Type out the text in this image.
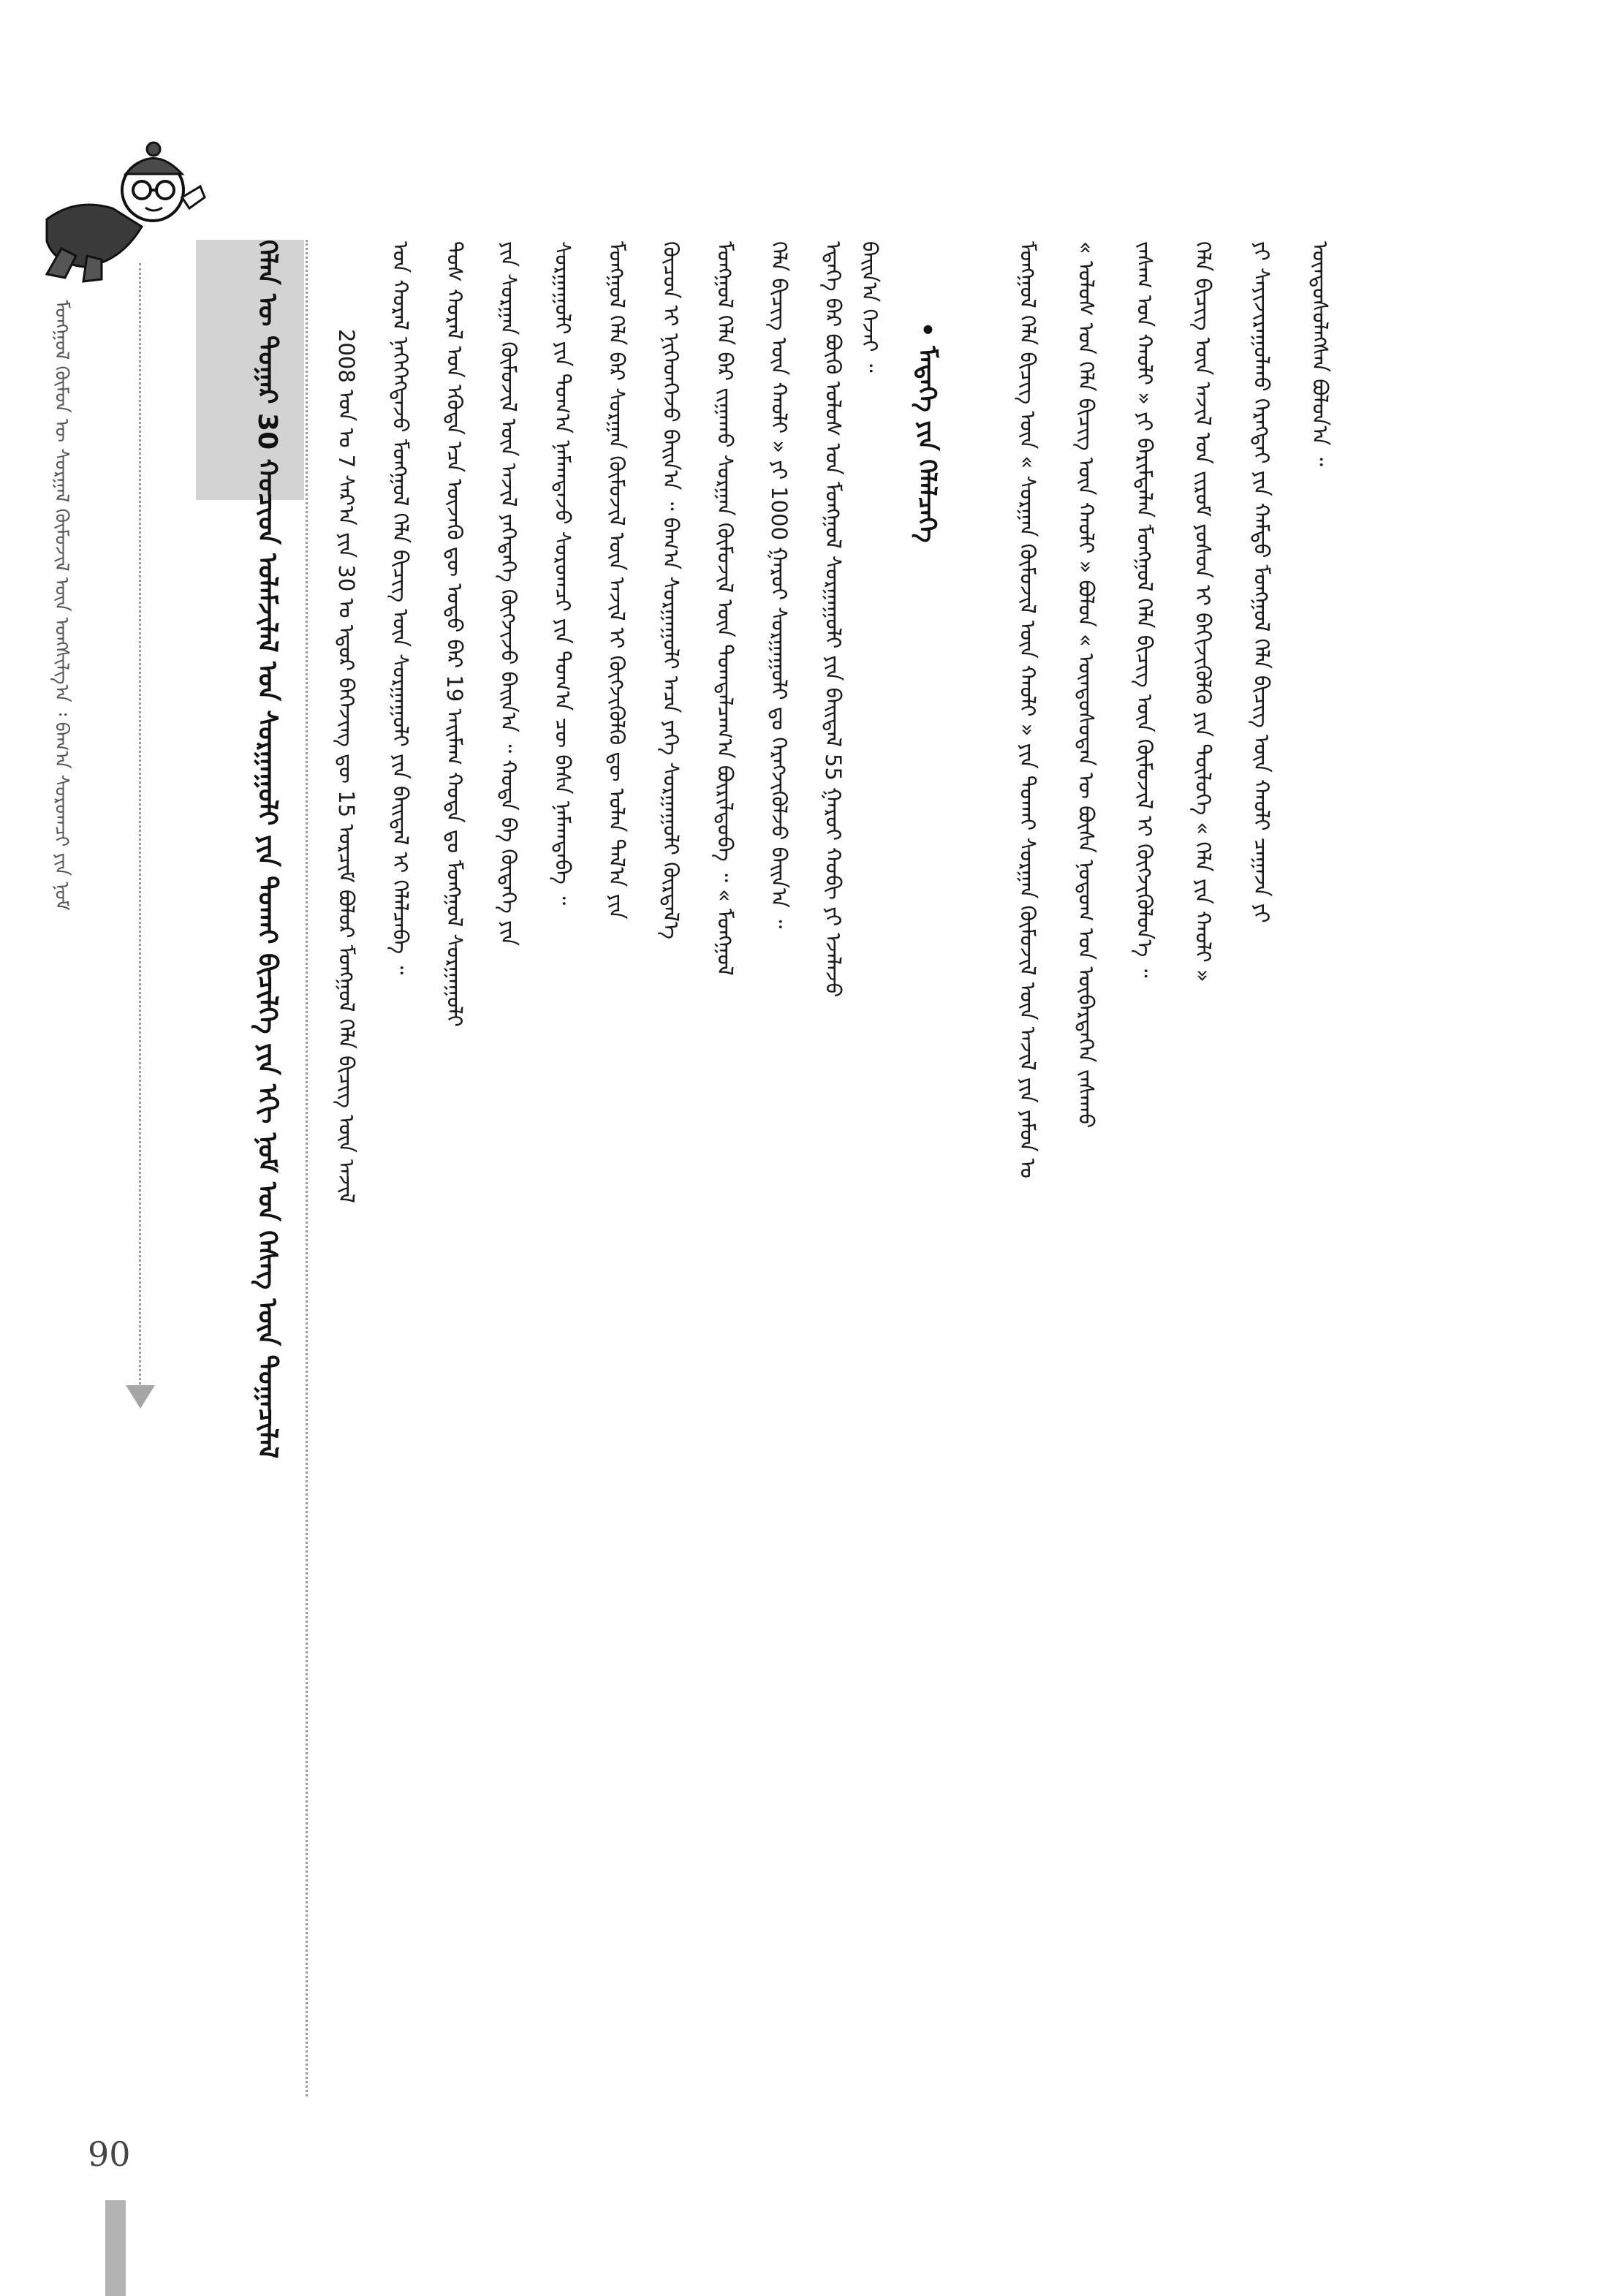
ᠮᠣᠩᠭᠣᠯ ᠬᠦᠮᠦᠨ ᠦ ᠰᠤᠷᠭᠠᠯ ᠬᠦᠮᠦᠵᠢᠯ ᠦᠨ ᠤᠩᠰᠢᠯᠭ᠎ᠠ ᠄ ᠪᠠᠭ᠎ᠠ ᠰᠤᠷᠤᠭᠴᠢ ᠶᠢᠨ ᠨᠣᠮ	ᠬᠡᠯᠡᠨ ᠦ ᠳᠤᠭᠠᠷ 30 ᠬᠣᠴᠢᠳ ᠤᠯᠠᠮᠵᠢᠯᠠᠯ ᠤᠨ ᠰᠤᠷᠭᠠᠭᠤᠯᠢ ᠶᠢᠨ ᠲᠤᠬᠠᠢ ᠪᠢᠴᠢᠯᠭᠡ ᠶᠢᠨ ᠡᠬᠢ ᠨᠣᠮ ᠤᠨ ᠬᠡᠰᠡᠭ ᠦᠨ ᠲᠣᠭᠠᠴᠢᠯᠠᠯ	2008 ᠣᠨ ᠤ 7 ᠰᠠᠷ᠎ᠠ ᠶᠢᠨ 30 ᠤ ᠡᠳᠦᠷ ᠪᠡᠭᠡᠵᠢᠩ ᠳᠦ 15 ᠣᠷᠴᠢᠮ ᠪᠣᠯᠤᠷ ᠮᠣᠩᠭᠣᠯ ᠬᠡᠯᠡ ᠪᠢᠴᠢᠭ ᠦᠨ ᠠᠵᠢᠯ	ᠤᠨ ᠬᠤᠷᠠᠯ ᠨᠡᠭᠡᠭᠡᠭᠳᠡᠵᠦ ᠮᠣᠩᠭᠣᠯ ᠬᠡᠯᠡ ᠪᠢᠴᠢᠭ ᠦᠨ ᠰᠤᠷᠭᠠᠭᠤᠯᠢ ᠶᠢᠨ ᠪᠠᠢᠳᠠᠯ ᠢ ᠬᠡᠯᠡᠯᠴᠡᠪᠡ ᠃	ᠲᠤᠰ ᠬᠤᠷᠠᠯ ᠤᠨ ᠡᠭᠦᠳᠡ ᠡᠴᠡ ᠦᠵᠡᠬᠦ ᠳᠦ ᠣᠳᠣ ᠪᠠᠷ 19 ᠠᠢᠮᠠᠭ ᠬᠣᠲᠠ ᠳᠤ ᠮᠣᠩᠭᠣᠯ ᠰᠤᠷᠭᠠᠭᠤᠯᠢ	ᠶᠢᠨ ᠰᠤᠷᠭᠠᠨ ᠬᠦᠮᠦᠵᠢᠯ ᠦᠨ ᠠᠵᠢᠯ ᠶᠡᠬᠡᠳᠡᠭᠡ ᠬᠥᠭᠵᠢᠵᠦ ᠪᠠᠢᠨ᠎ᠠ ᠃ ᠬᠣᠲᠠ ᠪᠠ ᠬᠥᠳᠡᠭᠡ ᠶᠢᠨ	ᠰᠤᠷᠭᠠᠭᠤᠯᠢ ᠶᠢᠨ ᠲᠣᠭ᠎ᠠ ᠨᠡᠮᠡᠭ᠍ᠳᠡᠵᠦ ᠰᠤᠷᠤᠭᠴᠢ ᠶᠢᠨ ᠲᠣᠭ᠎ᠠ ᠴᠦ ᠪᠠᠰᠠ ᠨᠡᠮᠡᠭ᠍ᠳᠡᠪᠡ ᠃	ᠮᠣᠩᠭᠣᠯ ᠬᠡᠯᠡ ᠪᠡᠷ ᠰᠤᠷᠭᠠᠨ ᠬᠦᠮᠦᠵᠢᠯ ᠦᠨ ᠠᠵᠢᠯ ᠢ ᠬᠥᠭᠵᠢᠭᠦᠯᠬᠦ ᠳᠦ ᠣᠯᠠᠨ ᠲᠠᠯ᠎ᠠ ᠶᠢᠨ	ᠬᠦᠴᠦᠨ ᠢ ᠨᠢᠭᠡᠳᠭᠡᠵᠦ ᠪᠠᠢᠨ᠎ᠠ ᠃ ᠪᠠᠭ᠎ᠠ ᠰᠤᠷᠭᠠᠭᠤᠯᠢ ᠠᠴᠠ ᠶᠡᠬᠡ ᠰᠤᠷᠭᠠᠭᠤᠯᠢ ᠬᠦᠷᠲᠡᠯ᠎ᠡ	ᠮᠣᠩᠭᠣᠯ ᠬᠡᠯᠡ ᠪᠡᠷ ᠵᠢᠭᠠᠬᠤ ᠰᠤᠷᠭᠠᠨ ᠬᠦᠮᠦᠵᠢᠯ ᠦᠨ ᠲᠣᠭᠲᠠᠯᠴᠠᠭ᠎ᠠ ᠪᠦᠷᠢᠯᠳᠦᠪᠡ ᠃ « ᠮᠣᠩᠭᠣᠯ	ᠬᠡᠯᠡ ᠪᠢᠴᠢᠭ ᠦᠨ ᠬᠠᠤᠯᠢ » ᠶᠢ 1000 ᠭᠠᠷᠤᠢ ᠰᠤᠷᠭᠠᠭᠤᠯᠢ ᠳᠤ ᠬᠡᠷᠡᠭᠵᠢᠭᠦᠯᠵᠦ ᠪᠠᠢᠨ᠎ᠠ ᠃	ᠡᠳᠡᠭᠡ ᠪᠡᠷ ᠪᠦᠬᠦ ᠤᠯᠤᠰ ᠤᠨ ᠮᠣᠩᠭᠣᠯ ᠰᠤᠷᠭᠠᠭᠤᠯᠢ ᠶᠢᠨ ᠪᠠᠢᠳᠠᠯ 55 ᠭᠠᠷᠤᠢ ᠬᠤᠪᠢ ᠶᠢ ᠡᠵᠡᠯᠡᠵᠦ ᠪᠠᠢᠨ᠎ᠠ ᠭᠡᠵᠡᠢ ᠃
• ᠮᠡᠳᠡᠭᠡ ᠶᠢᠨ ᠬᠡᠯᠡᠯᠴᠡᠭᠡ	ᠮᠣᠩᠭᠣᠯ ᠬᠡᠯᠡ ᠪᠢᠴᠢᠭ ᠦᠨ « ᠰᠤᠷᠭᠠᠨ ᠬᠦᠮᠦᠵᠢᠯ ᠦᠨ ᠬᠠᠤᠯᠢ » ᠶᠢᠨ ᠲᠤᠬᠠᠢ ᠰᠤᠷᠭᠠᠨ ᠬᠦᠮᠦᠵᠢᠯ ᠦᠨ ᠠᠵᠢᠯ ᠶᠢᠨ ᠶᠠᠮᠤᠨ ᠤ	« ᠤᠯᠤᠰ ᠤᠨ ᠬᠡᠯᠡ ᠪᠢᠴᠢᠭ ᠦᠨ ᠬᠠᠤᠯᠢ » ᠪᠣᠯᠤᠨ « ᠦᠨᠳᠦᠰᠦᠲᠡᠨ ᠦ ᠪᠦᠰᠡ ᠨᠤᠲᠤᠭ ᠤᠨ ᠥᠪᠡᠷᠲᠡᠭᠡᠨ ᠵᠠᠰᠠᠬᠤ	ᠵᠠᠰᠠᠭ ᠤᠨ ᠬᠠᠤᠯᠢ » ᠶᠢ ᠪᠠᠷᠢᠮᠲᠠᠯᠠᠨ ᠮᠣᠩᠭᠣᠯ ᠬᠡᠯᠡ ᠪᠢᠴᠢᠭ ᠦᠨ ᠬᠦᠮᠦᠵᠢᠯ ᠢ ᠬᠥᠭᠵᠢᠭᠦᠯᠦᠨ᠎ᠡ ᠃	ᠬᠡᠯᠡ ᠪᠢᠴᠢᠭ ᠦᠨ ᠠᠵᠢᠯ ᠤᠨ ᠵᠢᠷᠤᠮ ᠶᠣᠰᠤᠨ ᠢ ᠪᠡᠬᠢᠵᠢᠭᠦᠯᠬᠦ ᠶᠢᠨ ᠲᠦᠯᠦᠭᠡ « ᠬᠡᠯᠡ ᠶᠢᠨ ᠬᠠᠤᠯᠢ »	ᠶᠢ ᠰᠠᠶᠢᠵᠢᠷᠠᠭᠤᠯᠬᠤ ᠬᠡᠷᠡᠭᠲᠡᠢ ᠶᠢᠨ ᠬᠠᠮᠲᠤ ᠮᠣᠩᠭᠣᠯ ᠬᠡᠯᠡ ᠪᠢᠴᠢᠭ ᠦᠨ ᠬᠠᠤᠯᠢ ᠴᠠᠭᠠᠵᠠ ᠶᠢ	ᠦᠨᠳᠦᠰᠦᠯᠡᠭᠰᠡᠨ ᠪᠣᠯᠤᠨ᠎ᠠ ᠃
90
